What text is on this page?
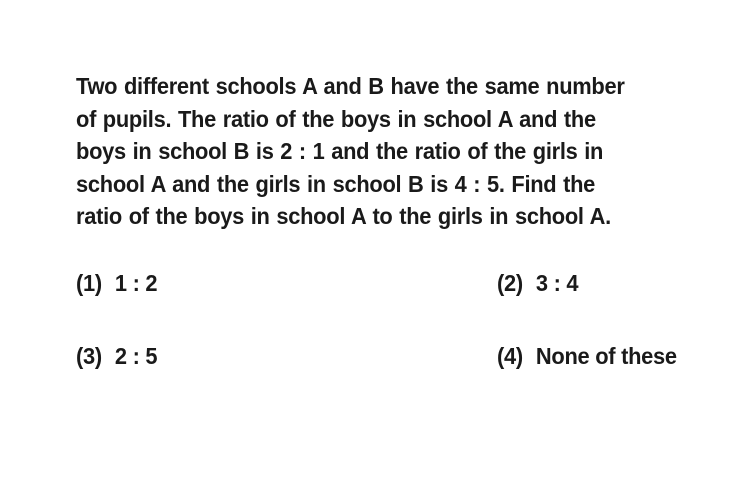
Two different schools A and B have the same number of pupils. The ratio of the boys in school A and the boys in school B is 2 : 1 and the ratio of the girls in school A and the girls in school B is 4 : 5. Find the ratio of the boys in school A to the girls in school A.

(1) 1 : 2	(2) 3 : 4
(3) 2 : 5	(4) None of these
